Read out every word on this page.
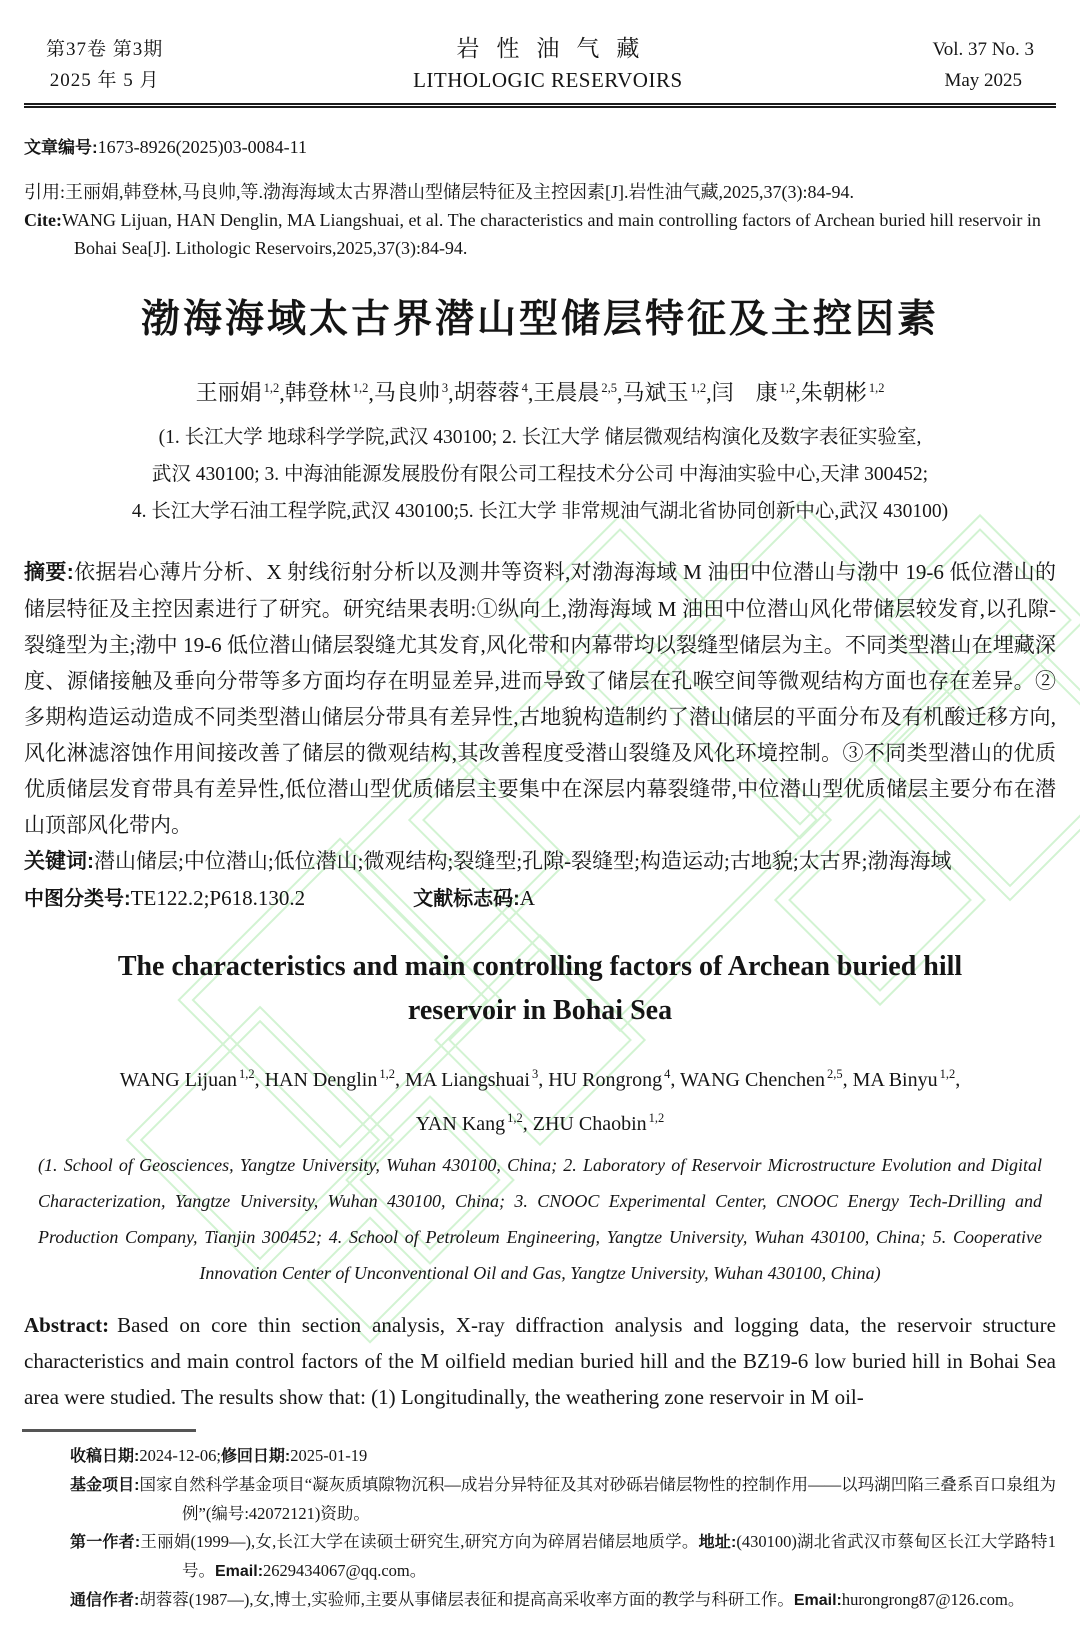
第37卷 第3期
2025 年 5 月
岩性油气藏
LITHOLOGIC RESERVOIRS
Vol. 37 No. 3
May 2025

文章编号:1673-8926(2025)03-0084-11

引用:王丽娟,韩登林,马良帅,等.渤海海域太古界潜山型储层特征及主控因素[J].岩性油气藏,2025,37(3):84-94.

Cite:WANG Lijuan, HAN Denglin, MA Liangshuai, et al. The characteristics and main controlling factors of Archean buried hill reservoir in Bohai Sea[J]. Lithologic Reservoirs,2025,37(3):84-94.

渤海海域太古界潜山型储层特征及主控因素

王丽娟 $^{1,2}$,韩登林 $^{1,2}$,马良帅 $^3$,胡蓉蓉 $^4$,王晨晨 $^{2,5}$,马斌玉 $^{1,2}$,闫　康 $^{1,2}$,朱朝彬 $^{1,2}$

(1. 长江大学 地球科学学院,武汉 430100; 2. 长江大学 储层微观结构演化及数字表征实验室,
武汉 430100; 3. 中海油能源发展股份有限公司工程技术分公司 中海油实验中心,天津 300452;
4. 长江大学石油工程学院,武汉 430100;5. 长江大学 非常规油气湖北省协同创新中心,武汉 430100)

摘要:依据岩心薄片分析、X 射线衍射分析以及测井等资料,对渤海海域 M 油田中位潜山与渤中 19-6 低位潜山的储层特征及主控因素进行了研究。研究结果表明:①纵向上,渤海海域 M 油田中位潜山风化带储层较发育,以孔隙-裂缝型为主;渤中 19-6 低位潜山储层裂缝尤其发育,风化带和内幕带均以裂缝型储层为主。不同类型潜山在埋藏深度、源储接触及垂向分带等多方面均存在明显差异,进而导致了储层在孔喉空间等微观结构方面也存在差异。②多期构造运动造成不同类型潜山储层分带具有差异性,古地貌构造制约了潜山储层的平面分布及有机酸迁移方向,风化淋滤溶蚀作用间接改善了储层的微观结构,其改善程度受潜山裂缝及风化环境控制。③不同类型潜山的优质优质储层发育带具有差异性,低位潜山型优质储层主要集中在深层内幕裂缝带,中位潜山型优质储层主要分布在潜山顶部风化带内。

关键词:潜山储层;中位潜山;低位潜山;微观结构;裂缝型;孔隙-裂缝型;构造运动;古地貌;太古界;渤海海域

中图分类号:TE122.2;P618.130.2	文献标志码:A

The characteristics and main controlling factors of Archean buried hill
reservoir in Bohai Sea

WANG Lijuan $^{1,2}$, HAN Denglin $^{1,2}$, MA Liangshuai $^3$, HU Rongrong $^4$, WANG Chenchen $^{2,5}$, MA Binyu $^{1,2}$,
YAN Kang $^{1,2}$, ZHU Chaobin $^{1,2}$

(1. School of Geosciences, Yangtze University, Wuhan 430100, China; 2. Laboratory of Reservoir Microstructure Evolution and Digital Characterization, Yangtze University, Wuhan 430100, China; 3. CNOOC Experimental Center, CNOOC Energy Tech-Drilling and Production Company, Tianjin 300452; 4. School of Petroleum Engineering, Yangtze University, Wuhan 430100, China; 5. Cooperative Innovation Center of Unconventional Oil and Gas, Yangtze University, Wuhan 430100, China)

Abstract: Based on core thin section analysis, X-ray diffraction analysis and logging data, the reservoir structure characteristics and main control factors of the M oilfield median buried hill and the BZ19-6 low buried hill in Bohai Sea area were studied. The results show that: (1) Longitudinally, the weathering zone reservoir in M oil-

收稿日期:2024-12-06;修回日期:2025-01-19

基金项目:国家自然科学基金项目“凝灰质填隙物沉积—成岩分异特征及其对砂砾岩储层物性的控制作用——以玛湖凹陷三叠系百口泉组为例”(编号:42072121)资助。

第一作者:王丽娟(1999—),女,长江大学在读硕士研究生,研究方向为碎屑岩储层地质学。地址:(430100)湖北省武汉市蔡甸区长江大学路特1号。Email:2629434067@qq.com。

通信作者:胡蓉蓉(1987—),女,博士,实验师,主要从事储层表征和提高高采收率方面的教学与科研工作。Email:hurongrong87@126.com。
